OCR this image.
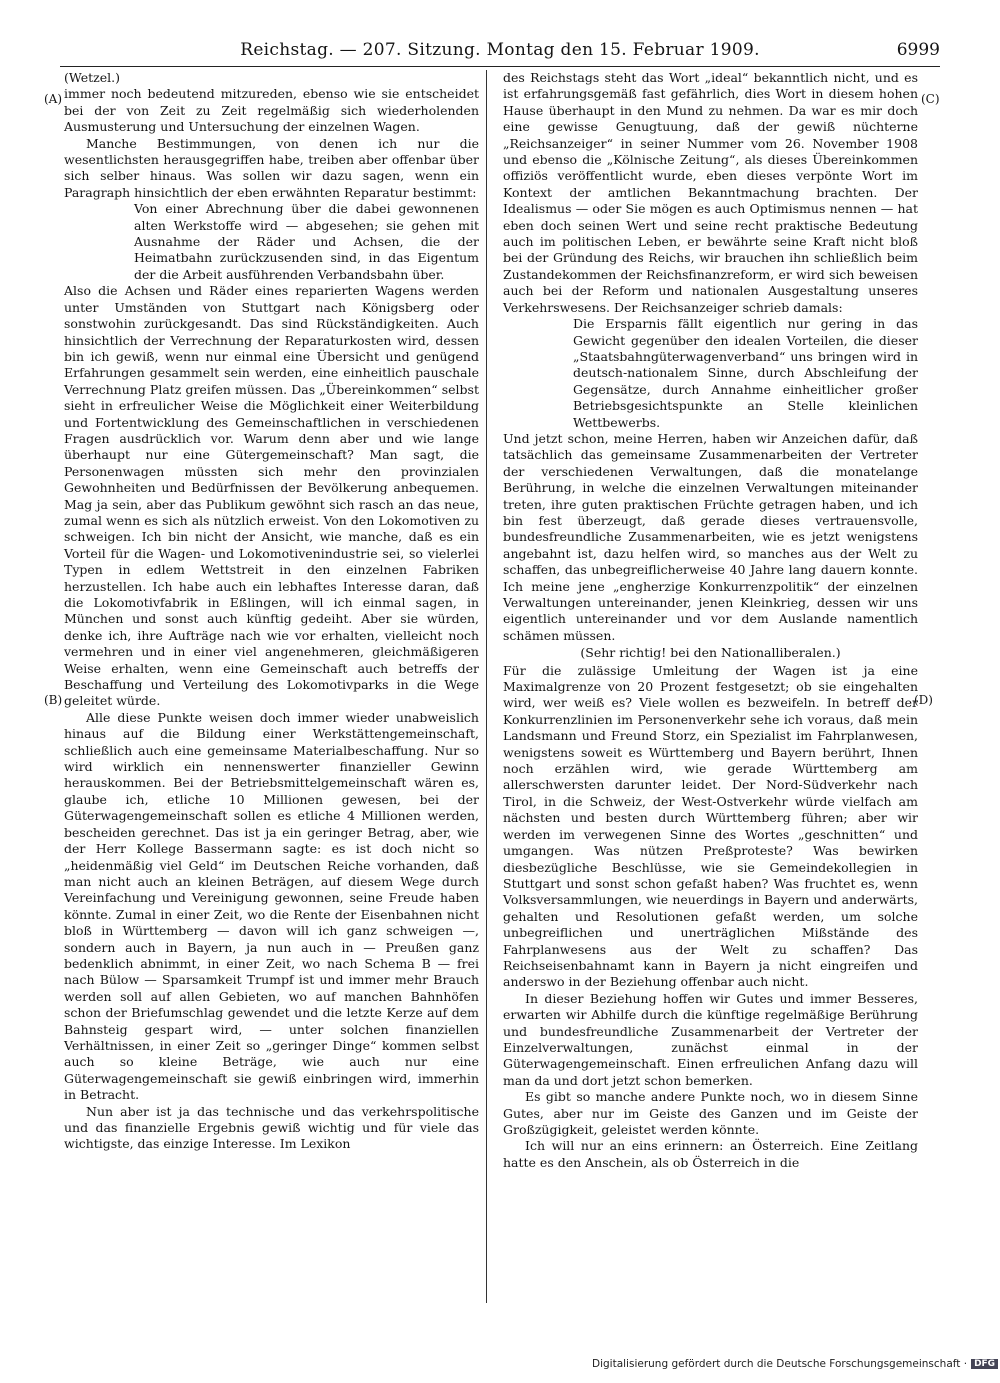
Reichstag. — 207. Sitzung. Montag den 15. Februar 1909.	6999
(A)
(B)
(C)
(D)

(Wetzel.)

immer noch bedeutend mitzureden, ebenso wie sie entscheidet bei der von Zeit zu Zeit regelmäßig sich wiederholenden Ausmusterung und Untersuchung der einzelnen Wagen.

Manche Bestimmungen, von denen ich nur die wesentlichsten herausgegriffen habe, treiben aber offenbar über sich selber hinaus. Was sollen wir dazu sagen, wenn ein Paragraph hinsichtlich der eben erwähnten Reparatur bestimmt:

Von einer Abrechnung über die dabei gewonnenen alten Werkstoffe wird — abgesehen; sie gehen mit Ausnahme der Räder und Achsen, die der Heimatbahn zurückzusenden sind, in das Eigentum der die Arbeit ausführenden Verbandsbahn über.

Also die Achsen und Räder eines reparierten Wagens werden unter Umständen von Stuttgart nach Königsberg oder sonstwohin zurückgesandt. Das sind Rückständigkeiten. Auch hinsichtlich der Verrechnung der Reparaturkosten wird, dessen bin ich gewiß, wenn nur einmal eine Übersicht und genügend Erfahrungen gesammelt sein werden, eine einheitlich pauschale Verrechnung Platz greifen müssen. Das „Übereinkommen“ selbst sieht in erfreulicher Weise die Möglichkeit einer Weiterbildung und Fortentwicklung des Gemeinschaftlichen in verschiedenen Fragen ausdrücklich vor. Warum denn aber und wie lange überhaupt nur eine Gütergemeinschaft? Man sagt, die Personenwagen müssten sich mehr den provinzialen Gewohnheiten und Bedürfnissen der Bevölkerung anbequemen. Mag ja sein, aber das Publikum gewöhnt sich rasch an das neue, zumal wenn es sich als nützlich erweist. Von den Lokomotiven zu schweigen. Ich bin nicht der Ansicht, wie manche, daß es ein Vorteil für die Wagen- und Lokomotivenindustrie sei, so vielerlei Typen in edlem Wettstreit in den einzelnen Fabriken herzustellen. Ich habe auch ein lebhaftes Interesse daran, daß die Lokomotivfabrik in Eßlingen, will ich einmal sagen, in München und sonst auch künftig gedeiht. Aber sie würden, denke ich, ihre Aufträge nach wie vor erhalten, vielleicht noch vermehren und in einer viel angenehmeren, gleichmäßigeren Weise erhalten, wenn eine Gemeinschaft auch betreffs der Beschaffung und Verteilung des Lokomotivparks in die Wege geleitet würde.

Alle diese Punkte weisen doch immer wieder unabweislich hinaus auf die Bildung einer Werkstättengemeinschaft, schließlich auch eine gemeinsame Materialbeschaffung. Nur so wird wirklich ein nennenswerter finanzieller Gewinn herauskommen. Bei der Betriebsmittelgemeinschaft wären es, glaube ich, etliche 10 Millionen gewesen, bei der Güterwagengemeinschaft sollen es etliche 4 Millionen werden, bescheiden gerechnet. Das ist ja ein geringer Betrag, aber, wie der Herr Kollege Bassermann sagte: es ist doch nicht so „heidenmäßig viel Geld“ im Deutschen Reiche vorhanden, daß man nicht auch an kleinen Beträgen, auf diesem Wege durch Vereinfachung und Vereinigung gewonnen, seine Freude haben könnte. Zumal in einer Zeit, wo die Rente der Eisenbahnen nicht bloß in Württemberg — davon will ich ganz schweigen —, sondern auch in Bayern, ja nun auch in — Preußen ganz bedenklich abnimmt, in einer Zeit, wo nach Schema B — frei nach Bülow — Sparsamkeit Trumpf ist und immer mehr Brauch werden soll auf allen Gebieten, wo auf manchen Bahnhöfen schon der Briefumschlag gewendet und die letzte Kerze auf dem Bahnsteig gespart wird, — unter solchen finanziellen Verhältnissen, in einer Zeit so „geringer Dinge“ kommen selbst auch so kleine Beträge, wie auch nur eine Güterwagengemeinschaft sie gewiß einbringen wird, immerhin in Betracht.

Nun aber ist ja das technische und das verkehrspolitische und das finanzielle Ergebnis gewiß wichtig und für viele das wichtigste, das einzige Interesse. Im Lexikon

des Reichstags steht das Wort „ideal“ bekanntlich nicht, und es ist erfahrungsgemäß fast gefährlich, dies Wort in diesem hohen Hause überhaupt in den Mund zu nehmen. Da war es mir doch eine gewisse Genugtuung, daß der gewiß nüchterne „Reichsanzeiger“ in seiner Nummer vom 26. November 1908 und ebenso die „Kölnische Zeitung“, als dieses Übereinkommen offiziös veröffentlicht wurde, eben dieses verpönte Wort im Kontext der amtlichen Bekanntmachung brachten. Der Idealismus — oder Sie mögen es auch Optimismus nennen — hat eben doch seinen Wert und seine recht praktische Bedeutung auch im politischen Leben, er bewährte seine Kraft nicht bloß bei der Gründung des Reichs, wir brauchen ihn schließlich beim Zustandekommen der Reichsfinanzreform, er wird sich beweisen auch bei der Reform und nationalen Ausgestaltung unseres Verkehrswesens. Der Reichsanzeiger schrieb damals:

Die Ersparnis fällt eigentlich nur gering in das Gewicht gegenüber den idealen Vorteilen, die dieser „Staatsbahngüterwagenverband“ uns bringen wird in deutsch-nationalem Sinne, durch Abschleifung der Gegensätze, durch Annahme einheitlicher großer Betriebsgesichtspunkte an Stelle kleinlichen Wettbewerbs.

Und jetzt schon, meine Herren, haben wir Anzeichen dafür, daß tatsächlich das gemeinsame Zusammenarbeiten der Vertreter der verschiedenen Verwaltungen, daß die monatelange Berührung, in welche die einzelnen Verwaltungen miteinander treten, ihre guten praktischen Früchte getragen haben, und ich bin fest überzeugt, daß gerade dieses vertrauensvolle, bundesfreundliche Zusammenarbeiten, wie es jetzt wenigstens angebahnt ist, dazu helfen wird, so manches aus der Welt zu schaffen, das unbegreiflicherweise 40 Jahre lang dauern konnte. Ich meine jene „engherzige Konkurrenzpolitik“ der einzelnen Verwaltungen untereinander, jenen Kleinkrieg, dessen wir uns eigentlich untereinander und vor dem Auslande namentlich schämen müssen.

(Sehr richtig! bei den Nationalliberalen.)

Für die zulässige Umleitung der Wagen ist ja eine Maximalgrenze von 20 Prozent festgesetzt; ob sie eingehalten wird, wer weiß es? Viele wollen es bezweifeln. In betreff der Konkurrenzlinien im Personenverkehr sehe ich voraus, daß mein Landsmann und Freund Storz, ein Spezialist im Fahrplanwesen, wenigstens soweit es Württemberg und Bayern berührt, Ihnen noch erzählen wird, wie gerade Württemberg am allerschwersten darunter leidet. Der Nord-Südverkehr nach Tirol, in die Schweiz, der West-Ostverkehr würde vielfach am nächsten und besten durch Württemberg führen; aber wir werden im verwegenen Sinne des Wortes „geschnitten“ und umgangen. Was nützen Preßproteste? Was bewirken diesbezügliche Beschlüsse, wie sie Gemeindekollegien in Stuttgart und sonst schon gefaßt haben? Was fruchtet es, wenn Volksversammlungen, wie neuerdings in Bayern und anderwärts, gehalten und Resolutionen gefaßt werden, um solche unbegreiflichen und unerträglichen Mißstände des Fahrplanwesens aus der Welt zu schaffen? Das Reichseisenbahnamt kann in Bayern ja nicht eingreifen und anderswo in der Beziehung offenbar auch nicht.

In dieser Beziehung hoffen wir Gutes und immer Besseres, erwarten wir Abhilfe durch die künftige regelmäßige Berührung und bundesfreundliche Zusammenarbeit der Vertreter der Einzelverwaltungen, zunächst einmal in der Güterwagengemeinschaft. Einen erfreulichen Anfang dazu will man da und dort jetzt schon bemerken.

Es gibt so manche andere Punkte noch, wo in diesem Sinne Gutes, aber nur im Geiste des Ganzen und im Geiste der Großzügigkeit, geleistet werden könnte.

Ich will nur an eins erinnern: an Österreich. Eine Zeitlang hatte es den Anschein, als ob Österreich in die

Digitalisierung gefördert durch die Deutsche Forschungsgemeinschaft · DFG
